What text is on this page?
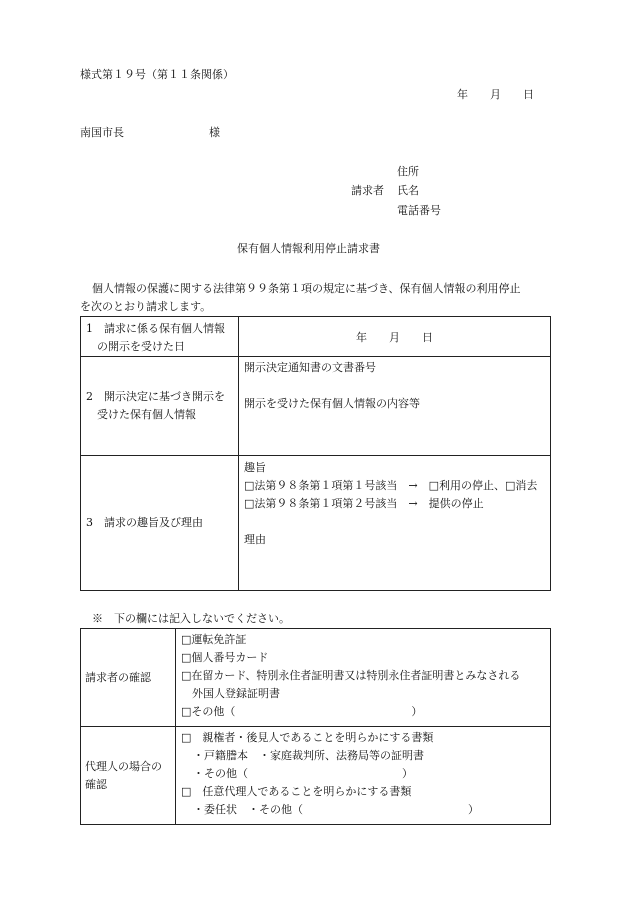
様式第１９号（第１１条関係）
年　　月　　日
南国市長	様
住所
請求者 氏名
電話番号
保有個人情報利用停止請求書
個人情報の保護に関する法律第９９条第１項の規定に基づき、保有個人情報の利用停止
を次のとおり請求します。
1　請求に係る保有個人情報
　の開示を受けた日	年　　月　　日

2　開示決定に基づき開示を
　受けた保有個人情報	開示決定通知書の文書番号
開示を受けた保有個人情報の内容等

3　請求の趣旨及び理由	趣旨
□法第９８条第１項第１号該当　→　□利用の停止、□消去
□法第９８条第１項第２号該当　→　提供の停止
理由
※　下の欄には記入しないでください。
請求者の確認	□運転免許証
□個人番号カード
□在留カード、特別永住者証明書又は特別永住者証明書とみなされる
　外国人登録証明書
□その他（　　　　　　　　　　　　　　　　）

代理人の場合の
確認	□　親権者・後見人であることを明らかにする書類
・戸籍謄本　・家庭裁判所、法務局等の証明書
・その他（　　　　　　　　　　　　　　）
□　任意代理人であることを明らかにする書類
・委任状　・その他（　　　　　　　　　　　　　　　）
